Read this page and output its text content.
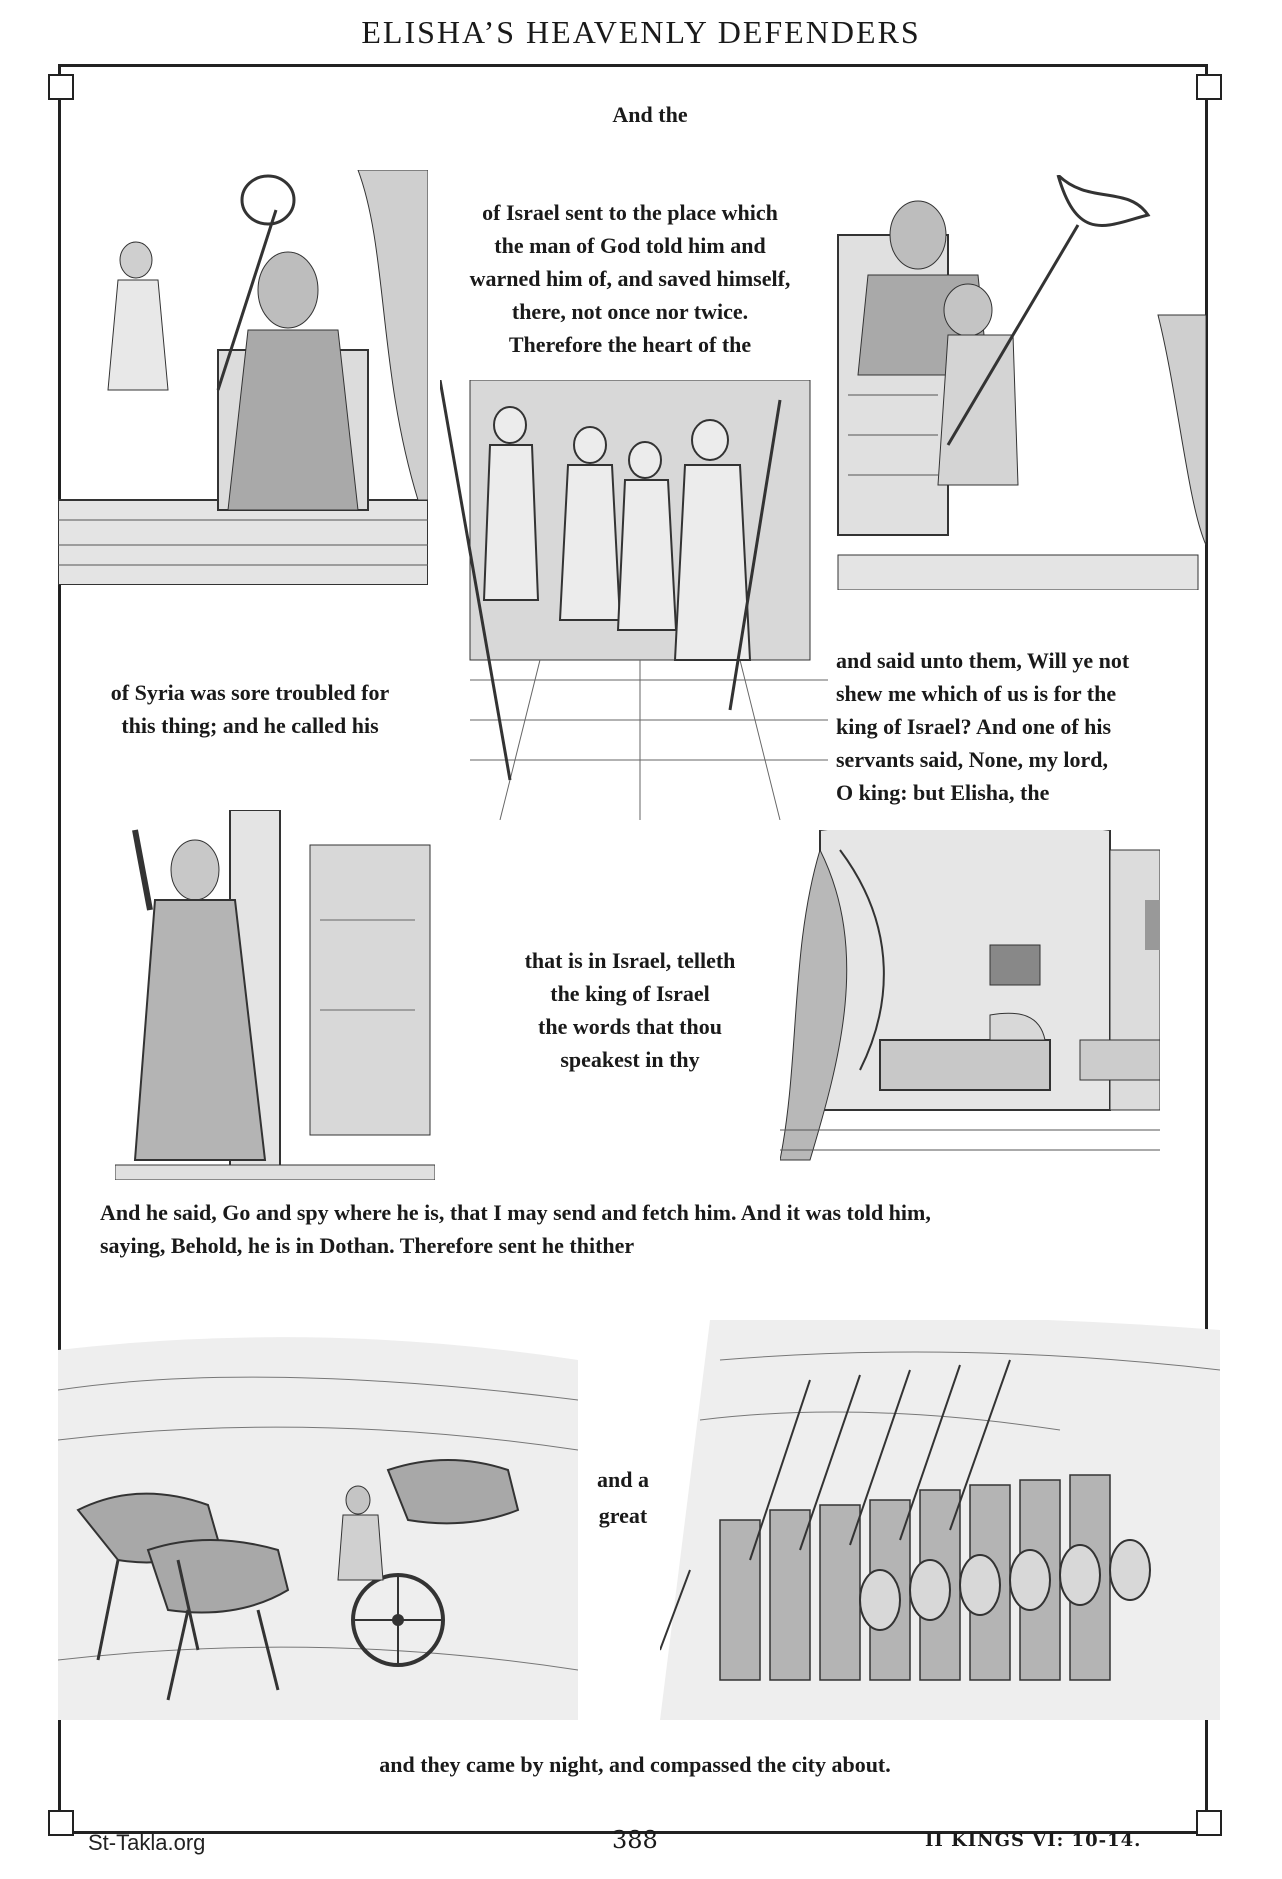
ELISHA’S HEAVENLY DEFENDERS
And the
of Israel sent to the place which
the man of God told him and
warned him of, and saved himself,
there, not once nor twice.
Therefore the heart of the
of Syria was sore troubled for
this thing; and he called his
and said unto them, Will ye not
shew me which of us is for the
king of Israel? And one of his
servants said, None, my lord,
O king: but Elisha, the
that is in Israel, telleth
the king of Israel
the words that thou
speakest in thy
And he said, Go and spy where he is, that I may send and fetch him. And it was told him,
saying, Behold, he is in Dothan. Therefore sent he thither
and a
great
and they came by night, and compassed the city about.
St-Takla.org	388	II KINGS VI: 10-14.
